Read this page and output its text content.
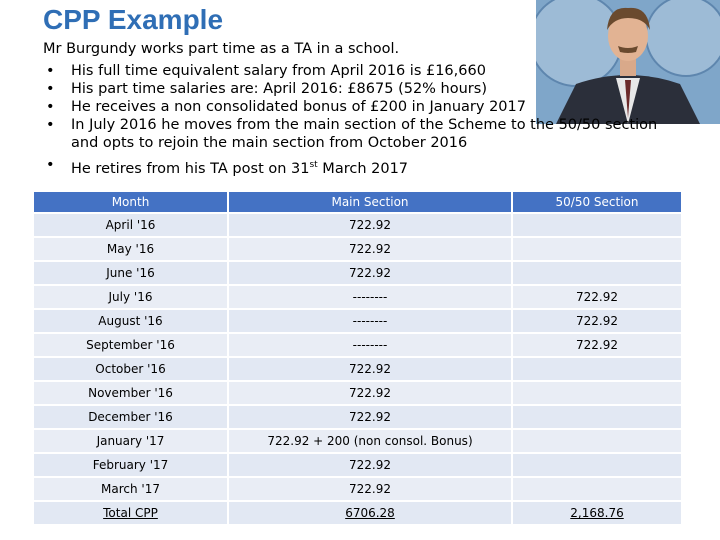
CPP Example
Mr Burgundy works part time as a TA in a school.
• His full time equivalent salary from April 2016 is £16,660
• His part time salaries are: April 2016: £8675 (52% hours)
• He receives a non consolidated bonus of £200 in January 2017
• In July 2016 he moves from the main section of the Scheme to the 50/50 section and opts to rejoin the main section from October 2016
• He retires from his TA post on 31st March 2017
Month	Main Section	50/50 Section
April '16	722.92	
May '16	722.92	
June '16	722.92	
July '16	--------	722.92
August '16	--------	722.92
September '16	--------	722.92
October '16	722.92	
November '16	722.92	
December '16	722.92	
January '17	722.92 + 200 (non consol. Bonus)	
February '17	722.92	
March '17	722.92	
Total CPP	6706.28	2,168.76
